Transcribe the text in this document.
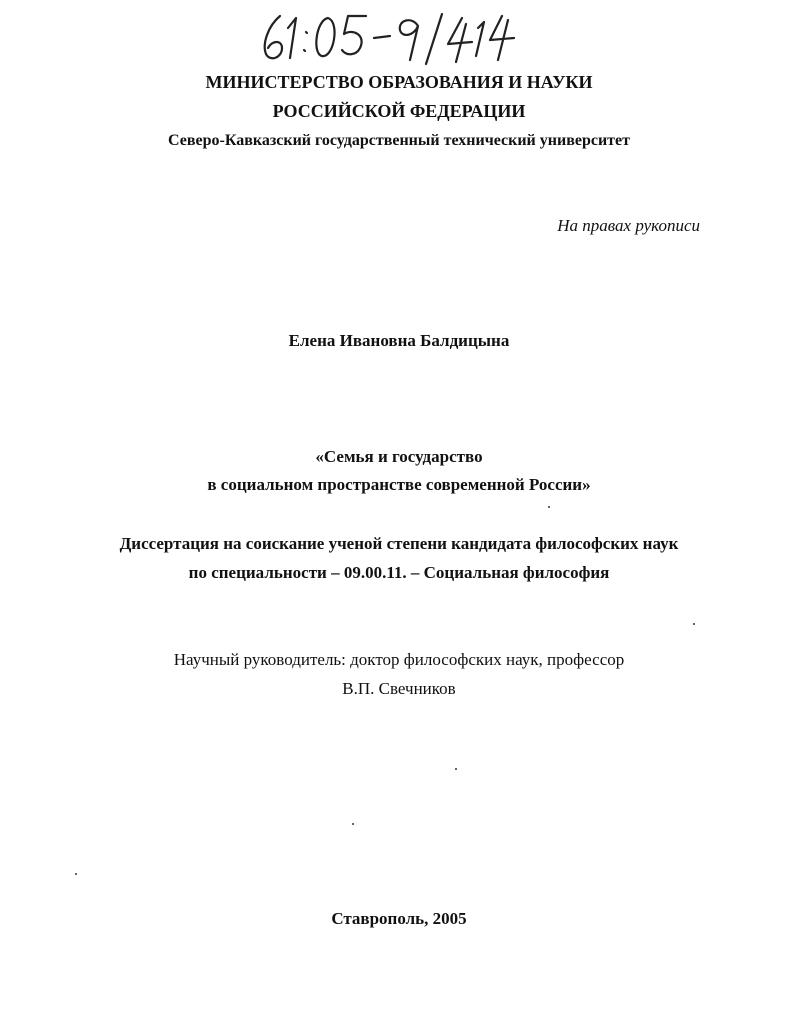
МИНИСТЕРСТВО ОБРАЗОВАНИЯ И НАУКИ
РОССИЙСКОЙ ФЕДЕРАЦИИ
Северо-Кавказский государственный технический университет
На правах рукописи
Елена Ивановна Балдицына
«Семья и государство
в социальном пространстве современной России»
Диссертация на соискание ученой степени кандидата философских наук
по специальности – 09.00.11. – Социальная философия
Научный руководитель: доктор философских наук, профессор
В.П. Свечников
Ставрополь, 2005
